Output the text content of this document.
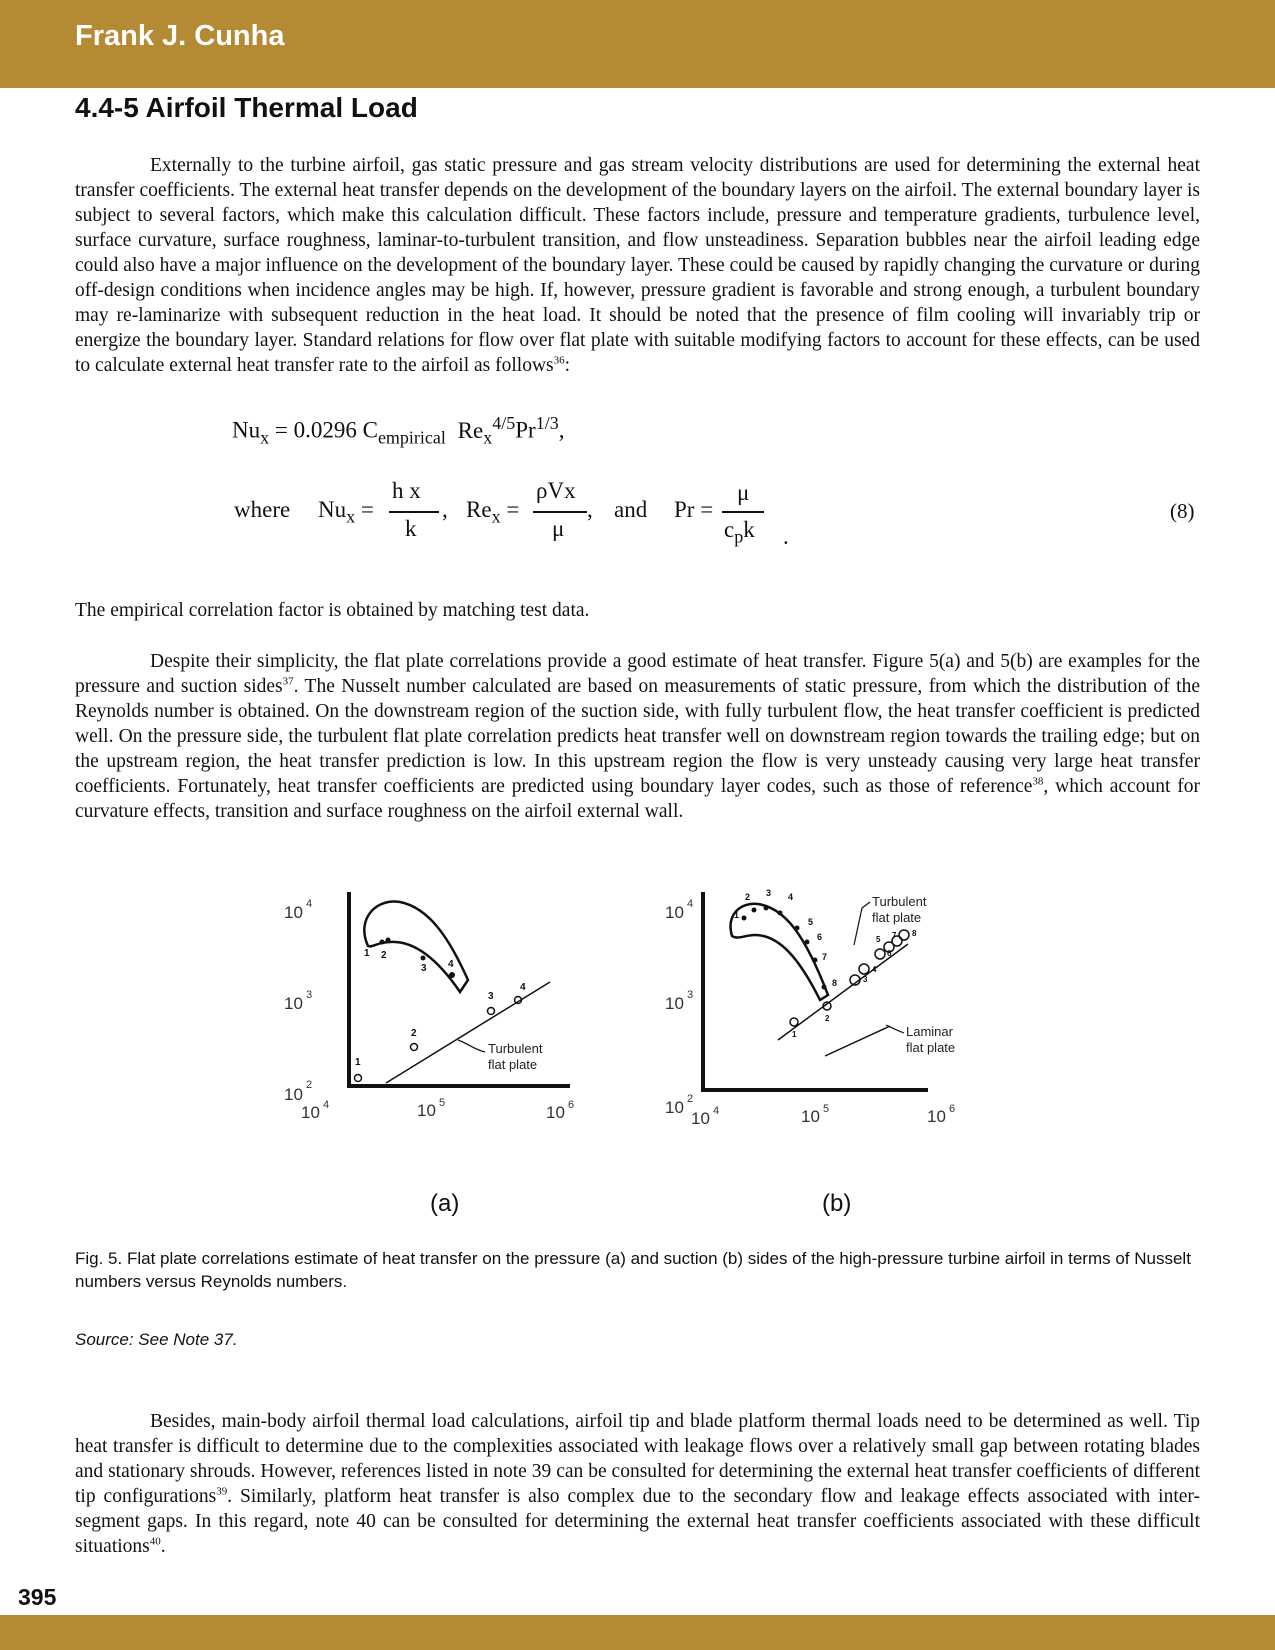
Frank J. Cunha
4.4-5 Airfoil Thermal Load
Externally to the turbine airfoil, gas static pressure and gas stream velocity distributions are used for determining the external heat transfer coefficients. The external heat transfer depends on the development of the boundary layers on the airfoil. The external boundary layer is subject to several factors, which make this calculation difficult. These factors include, pressure and temperature gradients, turbulence level, surface curvature, surface roughness, laminar-to-turbulent transition, and flow unsteadiness. Separation bubbles near the airfoil leading edge could also have a major influence on the development of the boundary layer. These could be caused by rapidly changing the curvature or during off-design conditions when incidence angles may be high. If, however, pressure gradient is favorable and strong enough, a turbulent boundary may re-laminarize with subsequent reduction in the heat load. It should be noted that the presence of film cooling will invariably trip or energize the boundary layer. Standard relations for flow over flat plate with suitable modifying factors to account for these effects, can be used to calculate external heat transfer rate to the airfoil as follows$^{36}$:
$Nu_x = 0.0296$ $C_{empirical}$ $Re_x^{4/5}Pr^{1/3}$,
where $Nu_x$ =
h x
k
, $Re_x$ =
ρVx
μ
, and Pr =
μ
$c_pk$ .
(8)
The empirical correlation factor is obtained by matching test data.
Despite their simplicity, the flat plate correlations provide a good estimate of heat transfer. Figure 5(a) and 5(b) are examples for the pressure and suction sides$^{37}$. The Nusselt number calculated are based on measurements of static pressure, from which the distribution of the Reynolds number is obtained. On the downstream region of the suction side, with fully turbulent flow, the heat transfer coefficient is predicted well. On the pressure side, the turbulent flat plate correlation predicts heat transfer well on downstream region towards the trailing edge; but on the upstream region, the heat transfer prediction is low. In this upstream region the flow is very unsteady causing very large heat transfer coefficients. Fortunately, heat transfer coefficients are predicted using boundary layer codes, such as those of reference$^{38}$, which account for curvature effects, transition and surface roughness on the airfoil external wall.
10 4
10 3
10 2
10 4	10 5	10 6
1 2
3 4
1
2
3
4
Turbulent
flat plate
10 4
10 3
10 2
10 4	10 5	10 6
1
2 3 4
5
6
7
8
1
2
3
4
5
6
7 8
Turbulent
flat plate
Laminar
flat plate
(a)	(b)
Fig. 5. Flat plate correlations estimate of heat transfer on the pressure (a) and suction (b) sides of the high-pressure turbine airfoil in terms of Nusselt numbers versus Reynolds numbers.
Source: See Note 37.
Besides, main-body airfoil thermal load calculations, airfoil tip and blade platform thermal loads need to be determined as well. Tip heat transfer is difficult to determine due to the complexities associated with leakage flows over a relatively small gap between rotating blades and stationary shrouds. However, references listed in note 39 can be consulted for determining the external heat transfer coefficients of different tip configurations$^{39}$. Similarly, platform heat transfer is also complex due to the secondary flow and leakage effects associated with inter-segment gaps. In this regard, note 40 can be consulted for determining the external heat transfer coefficients associated with these difficult situations$^{40}$.
395
